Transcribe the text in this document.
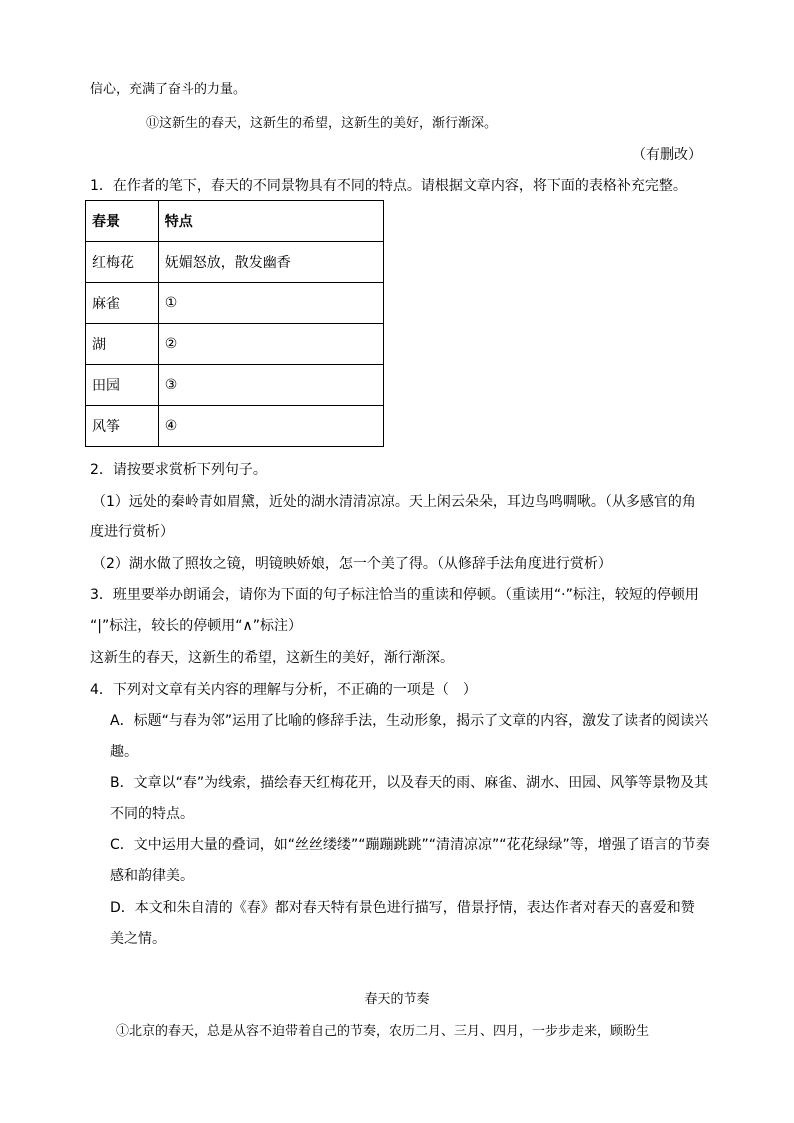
信心，充满了奋斗的力量。
⑪这新生的春天，这新生的希望，这新生的美好，渐行渐深。
（有删改）
1．在作者的笔下，春天的不同景物具有不同的特点。请根据文章内容，将下面的表格补充完整。
春景	特点
红梅花	妩媚怒放，散发幽香
麻雀	①
湖	②
田园	③
风筝	④
2．请按要求赏析下列句子。
（1）远处的秦岭青如眉黛，近处的湖水清清凉凉。天上闲云朵朵，耳边鸟鸣啁啾。（从多感官的角
度进行赏析）
（2）湖水做了照妆之镜，明镜映娇娘，怎一个美了得。（从修辞手法角度进行赏析）
3．班里要举办朗诵会，请你为下面的句子标注恰当的重读和停顿。（重读用“·”标注，较短的停顿用
“|”标注，较长的停顿用“∧”标注）
这新生的春天，这新生的希望，这新生的美好，渐行渐深。
4．下列对文章有关内容的理解与分析，不正确的一项是（　）
A．标题“与春为邻”运用了比喻的修辞手法，生动形象，揭示了文章的内容，激发了读者的阅读兴
趣。
B．文章以“春”为线索，描绘春天红梅花开，以及春天的雨、麻雀、湖水、田园、风筝等景物及其
不同的特点。
C．文中运用大量的叠词，如“丝丝缕缕”“蹦蹦跳跳”“清清凉凉”“花花绿绿”等，增强了语言的节奏
感和韵律美。
D．本文和朱自清的《春》都对春天特有景色进行描写，借景抒情，表达作者对春天的喜爱和赞
美之情。
春天的节奏
①北京的春天，总是从容不迫带着自己的节奏，农历二月、三月、四月，一步步走来，顾盼生
